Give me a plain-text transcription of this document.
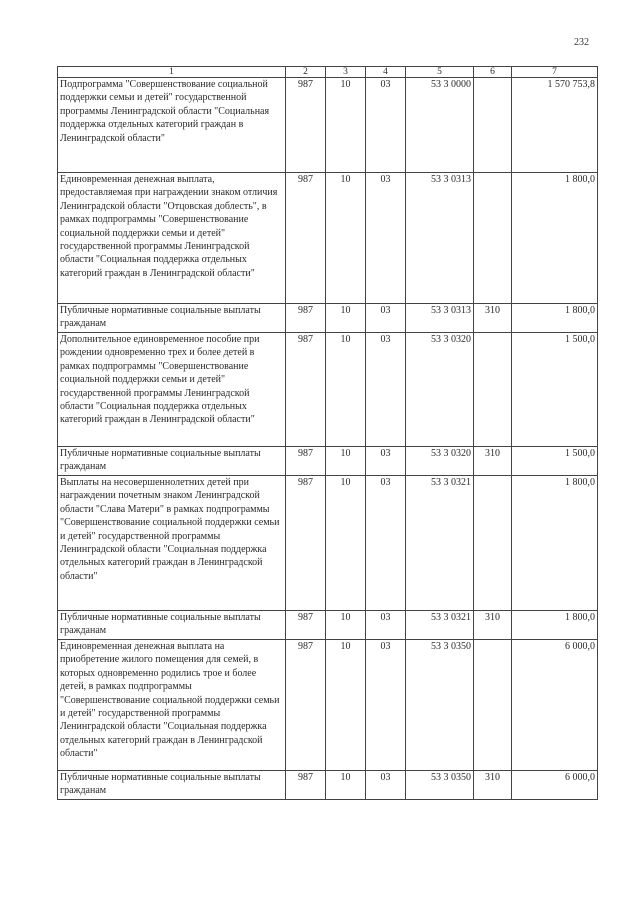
232
1	2	3	4	5	6	7
Подпрограмма "Совершенствование социальной поддержки семьи и детей" государственной программы Ленинградской области "Социальная поддержка отдельных категорий граждан в Ленинградской области"	987	10	03	53 3 0000		1 570 753,8
Единовременная денежная выплата, предоставляемая при награждении знаком отличия Ленинградской области "Отцовская доблесть", в рамках подпрограммы "Совершенствование социальной поддержки семьи и детей" государственной программы Ленинградской области "Социальная поддержка отдельных категорий граждан в Ленинградской области"	987	10	03	53 3 0313		1 800,0
Публичные нормативные социальные выплаты гражданам	987	10	03	53 3 0313	310	1 800,0
Дополнительное единовременное пособие при рождении одновременно трех и более детей в рамках подпрограммы "Совершенствование социальной поддержки семьи и детей" государственной программы Ленинградской области "Социальная поддержка отдельных категорий граждан в Ленинградской области"	987	10	03	53 3 0320		1 500,0
Публичные нормативные социальные выплаты гражданам	987	10	03	53 3 0320	310	1 500,0
Выплаты на несовершеннолетних детей при награждении почетным знаком Ленинградской области "Слава Матери" в рамках подпрограммы "Совершенствование социальной поддержки семьи и детей" государственной программы Ленинградской области "Социальная поддержка отдельных категорий граждан в Ленинградской области"	987	10	03	53 3 0321		1 800,0
Публичные нормативные социальные выплаты гражданам	987	10	03	53 3 0321	310	1 800,0
Единовременная денежная выплата на приобретение жилого помещения для семей, в которых одновременно родились трое и более детей, в рамках подпрограммы "Совершенствование социальной поддержки семьи и детей" государственной программы Ленинградской области "Социальная поддержка отдельных категорий граждан в Ленинградской области"	987	10	03	53 3 0350		6 000,0
Публичные нормативные социальные выплаты гражданам	987	10	03	53 3 0350	310	6 000,0
